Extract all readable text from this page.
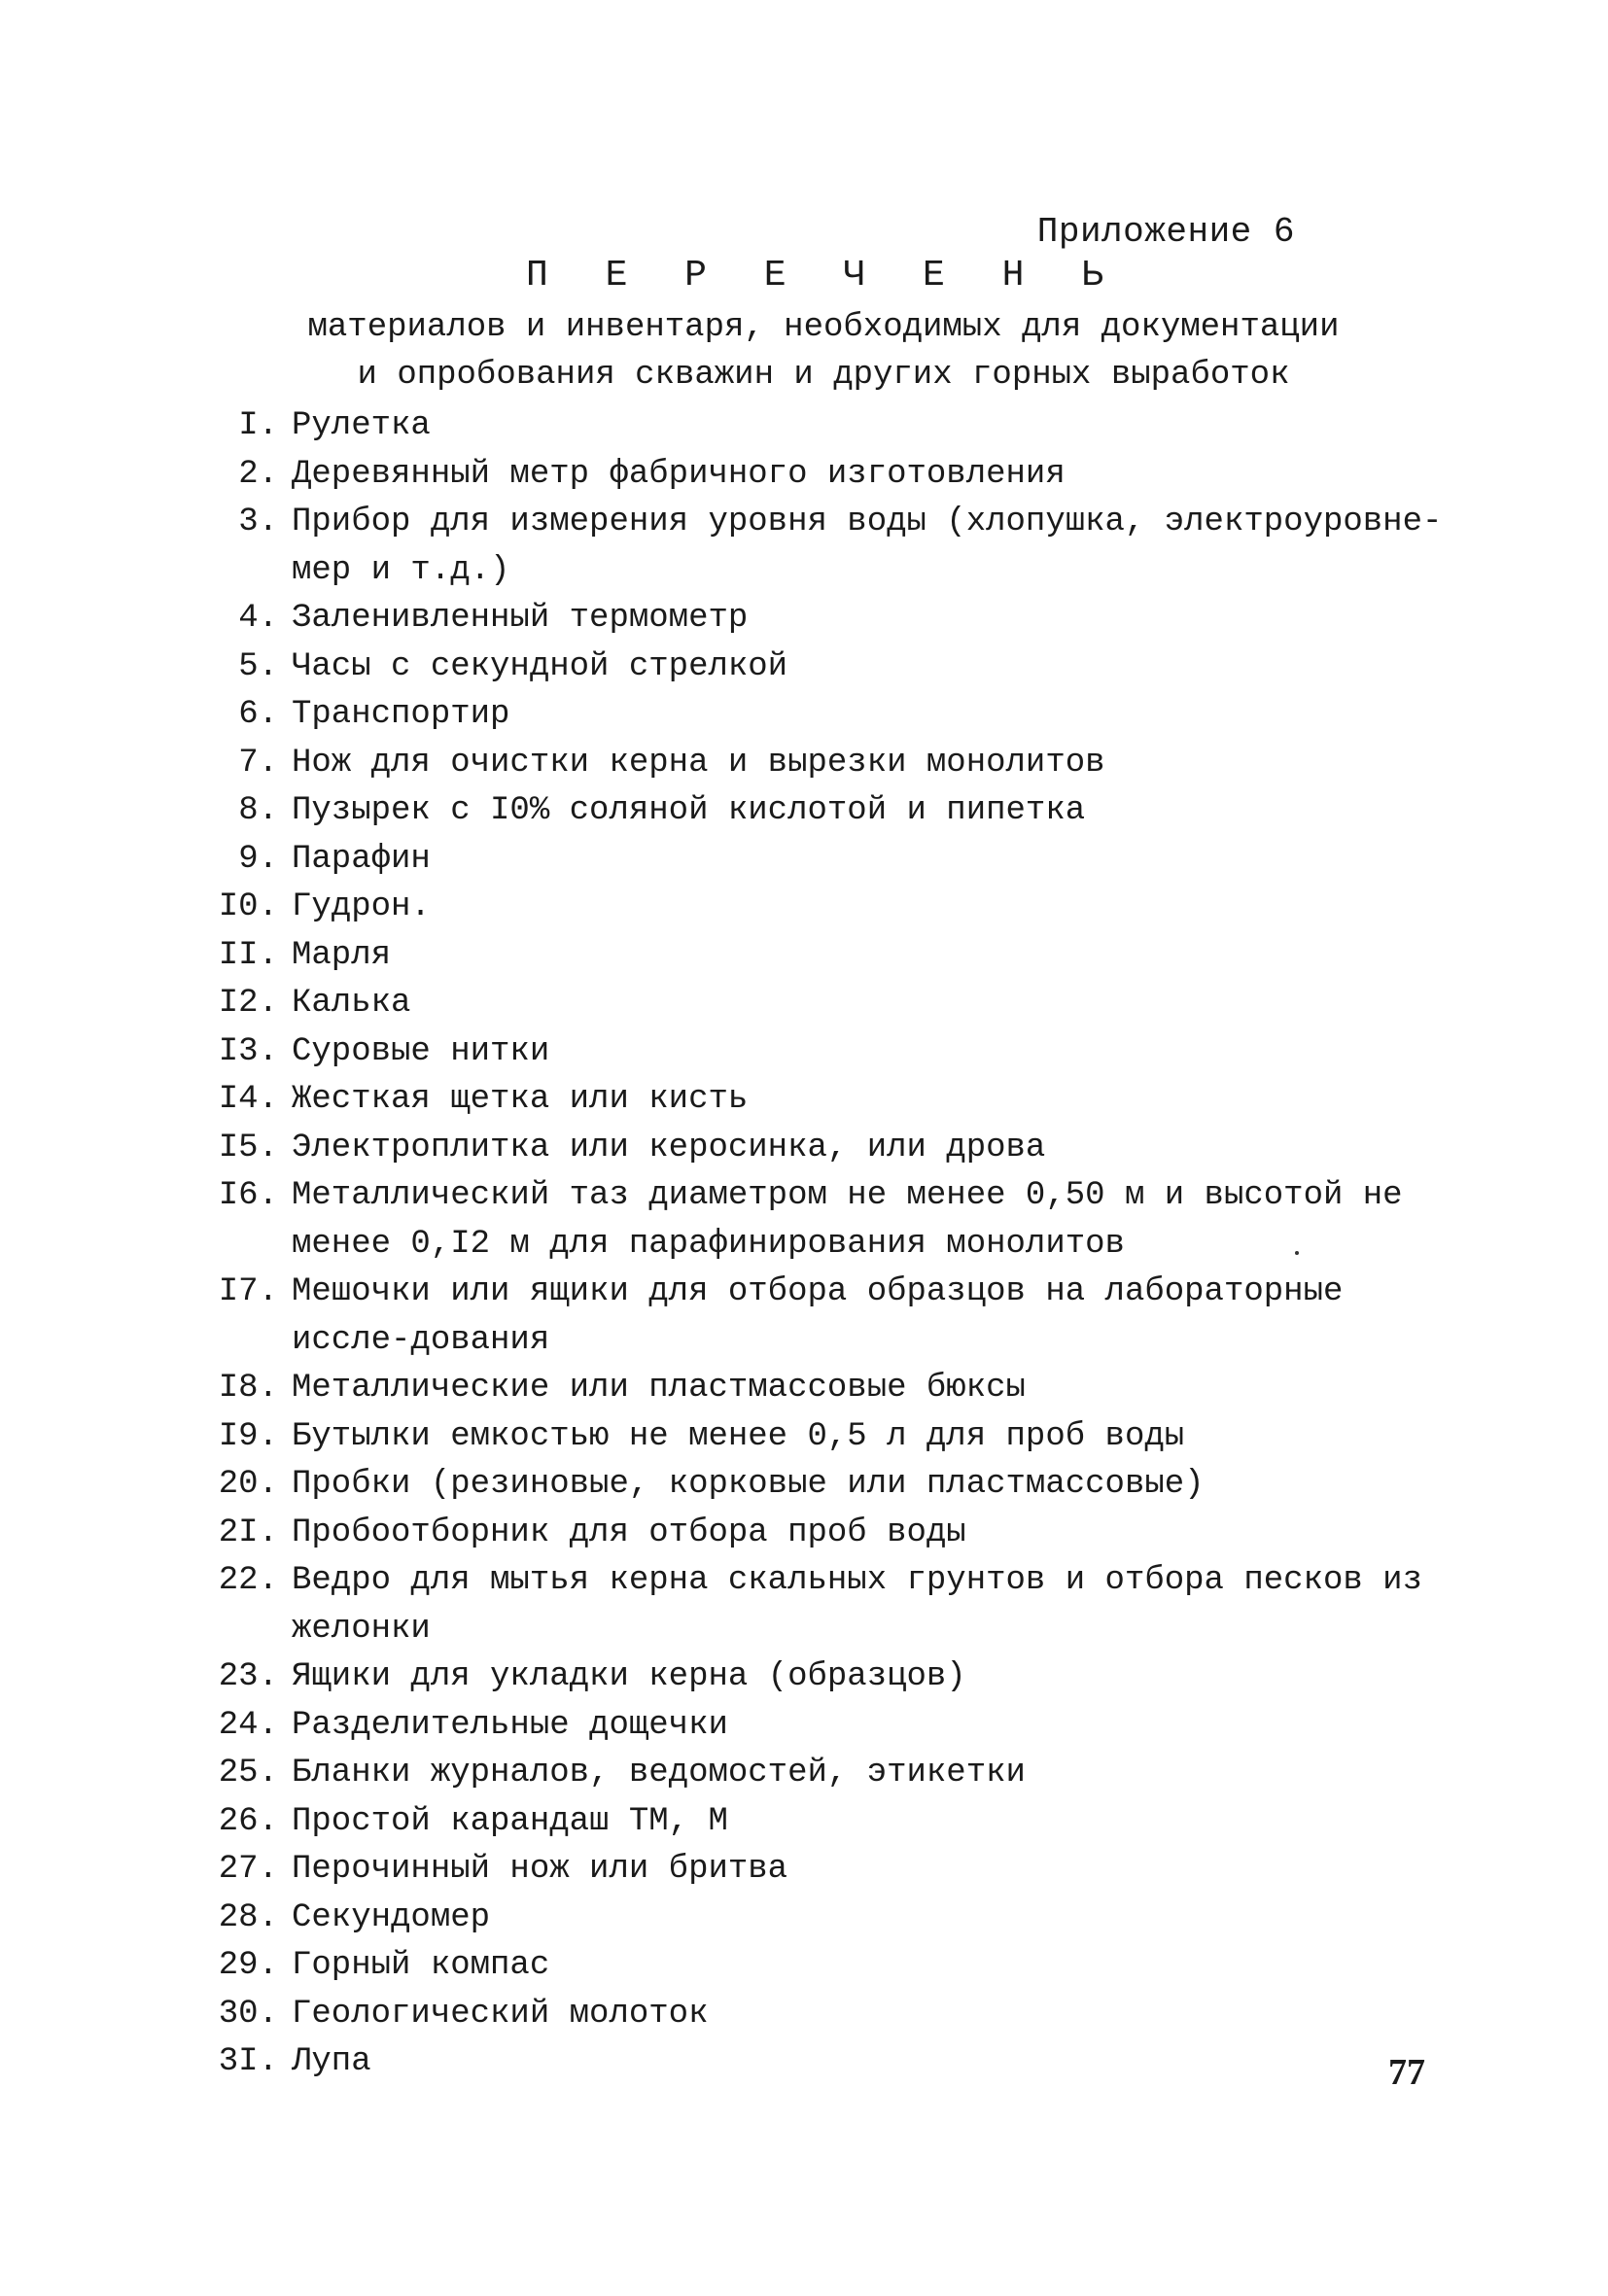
Приложение 6
П Е Р Е Ч Е Н Ь
материалов и инвентаря, необходимых для документации
и опробования скважин и других горных выработок
I. Рулетка
2. Деревянный метр фабричного изготовления
3. Прибор для измерения уровня воды (хлопушка, электроуровне-мер и т.д.)
4. Заленивленный термометр
5. Часы с секундной стрелкой
6. Транспортир
7. Нож для очистки керна и вырезки монолитов
8. Пузырек с I0% соляной кислотой и пипетка
9. Парафин
I0. Гудрон.
II. Марля
I2. Калька
I3. Суровые нитки
I4. Жесткая щетка или кисть
I5. Электроплитка или керосинка, или дрова
I6. Металлический таз диаметром не менее 0,50 м и высотой не менее 0,I2 м для парафинирования монолитов
I7. Мешочки или ящики для отбора образцов на лабораторные иссле-дования
I8. Металлические или пластмассовые бюксы
I9. Бутылки емкостью не менее 0,5 л для проб воды
20. Пробки (резиновые, корковые или пластмассовые)
2I. Пробоотборник для отбора проб воды
22. Ведро для мытья керна скальных грунтов и отбора песков из желонки
23. Ящики для укладки керна (образцов)
24. Разделительные дощечки
25. Бланки журналов, ведомостей, этикетки
26. Простой карандаш ТМ, М
27. Перочинный нож или бритва
28. Секундомер
29. Горный компас
30. Геологический молоток
3I. Лупа	77
